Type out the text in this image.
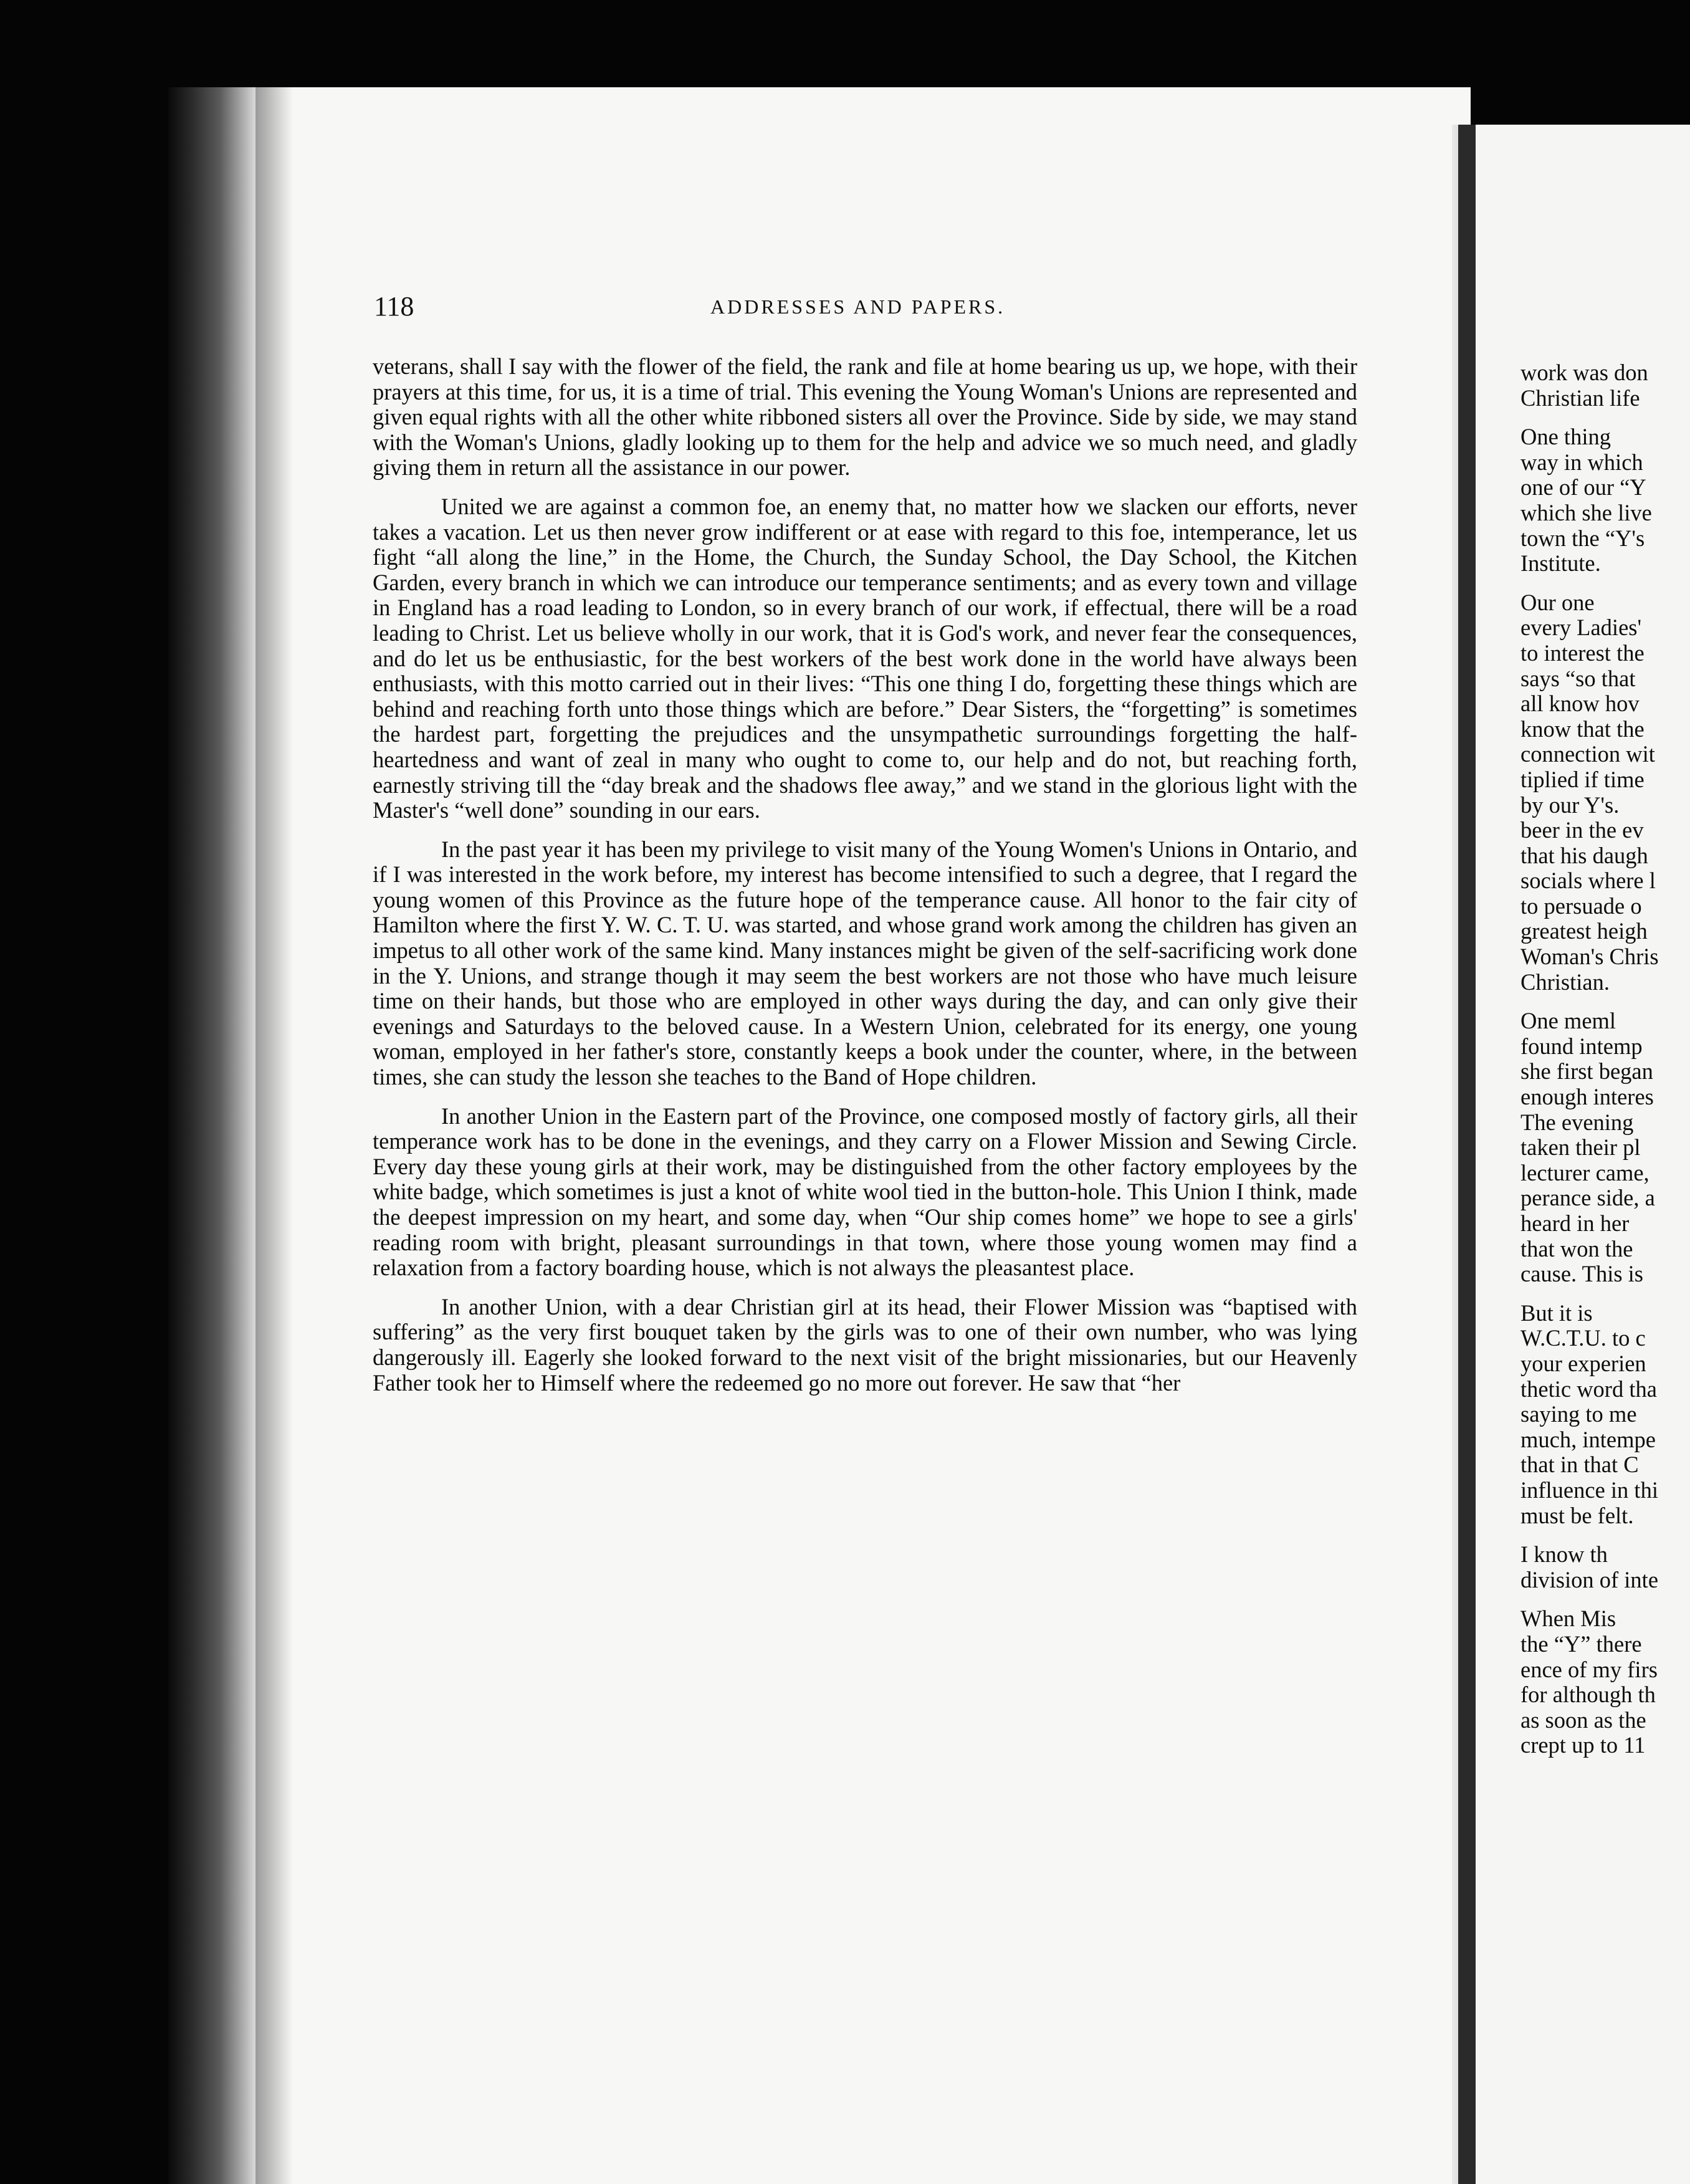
118	ADDRESSES AND PAPERS.

veterans, shall I say with the flower of the field, the rank and file at home bearing us up, we hope, with their prayers at this time, for us, it is a time of trial. This evening the Young Woman's Unions are represented and given equal rights with all the other white ribboned sisters all over the Province. Side by side, we may stand with the Woman's Unions, gladly looking up to them for the help and advice we so much need, and gladly giving them in return all the assistance in our power.

United we are against a common foe, an enemy that, no matter how we slacken our efforts, never takes a vacation. Let us then never grow indifferent or at ease with regard to this foe, intemperance, let us fight “all along the line,” in the Home, the Church, the Sunday School, the Day School, the Kitchen Garden, every branch in which we can introduce our temperance sentiments; and as every town and village in England has a road leading to London, so in every branch of our work, if effectual, there will be a road leading to Christ. Let us believe wholly in our work, that it is God's work, and never fear the consequences, and do let us be enthusiastic, for the best workers of the best work done in the world have always been enthusiasts, with this motto carried out in their lives: “This one thing I do, forgetting these things which are behind and reaching forth unto those things which are before.” Dear Sisters, the “forgetting” is sometimes the hardest part, forgetting the prejudices and the unsympathetic surroundings forgetting the half-heartedness and want of zeal in many who ought to come to, our help and do not, but reaching forth, earnestly striving till the “day break and the shadows flee away,” and we stand in the glorious light with the Master's “well done” sounding in our ears.

In the past year it has been my privilege to visit many of the Young Women's Unions in Ontario, and if I was interested in the work before, my interest has become intensified to such a degree, that I regard the young women of this Province as the future hope of the temperance cause. All honor to the fair city of Hamilton where the first Y. W. C. T. U. was started, and whose grand work among the children has given an impetus to all other work of the same kind. Many instances might be given of the self-sacrificing work done in the Y. Unions, and strange though it may seem the best workers are not those who have much leisure time on their hands, but those who are employed in other ways during the day, and can only give their evenings and Saturdays to the beloved cause. In a Western Union, celebrated for its energy, one young woman, employed in her father's store, constantly keeps a book under the counter, where, in the between times, she can study the lesson she teaches to the Band of Hope children.

In another Union in the Eastern part of the Province, one composed mostly of factory girls, all their temperance work has to be done in the evenings, and they carry on a Flower Mission and Sewing Circle. Every day these young girls at their work, may be distinguished from the other factory employees by the white badge, which sometimes is just a knot of white wool tied in the button-hole. This Union I think, made the deepest impression on my heart, and some day, when “Our ship comes home” we hope to see a girls' reading room with bright, pleasant surroundings in that town, where those young women may find a relaxation from a factory boarding house, which is not always the pleasantest place.

In another Union, with a dear Christian girl at its head, their Flower Mission was “baptised with suffering” as the very first bouquet taken by the girls was to one of their own number, who was lying dangerously ill. Eagerly she looked forward to the next visit of the bright missionaries, but our Heavenly Father took her to Himself where the redeemed go no more out forever. He saw that “her

work was don
Christian life
One thing
way in which
one of our “Y
which she live
town the “Y's
Institute.
Our one
every Ladies'
to interest the
says “so that
all know hov
know that the
connection wit
tiplied if time
by our Y's.
beer in the ev
that his daugh
socials where l
to persuade o
greatest heigh
Woman's Chris
Christian.
One meml
found intemp
she first began
enough interes
The evening
taken their pl
lecturer came,
perance side, a
heard in her
that won the
cause. This is
But it is
W.C.T.U. to c
your experien
thetic word tha
saying to me
much, intempe
that in that C
influence in thi
must be felt.
I know th
division of inte
When Mis
the “Y” there
ence of my firs
for although th
as soon as the
crept up to 11
